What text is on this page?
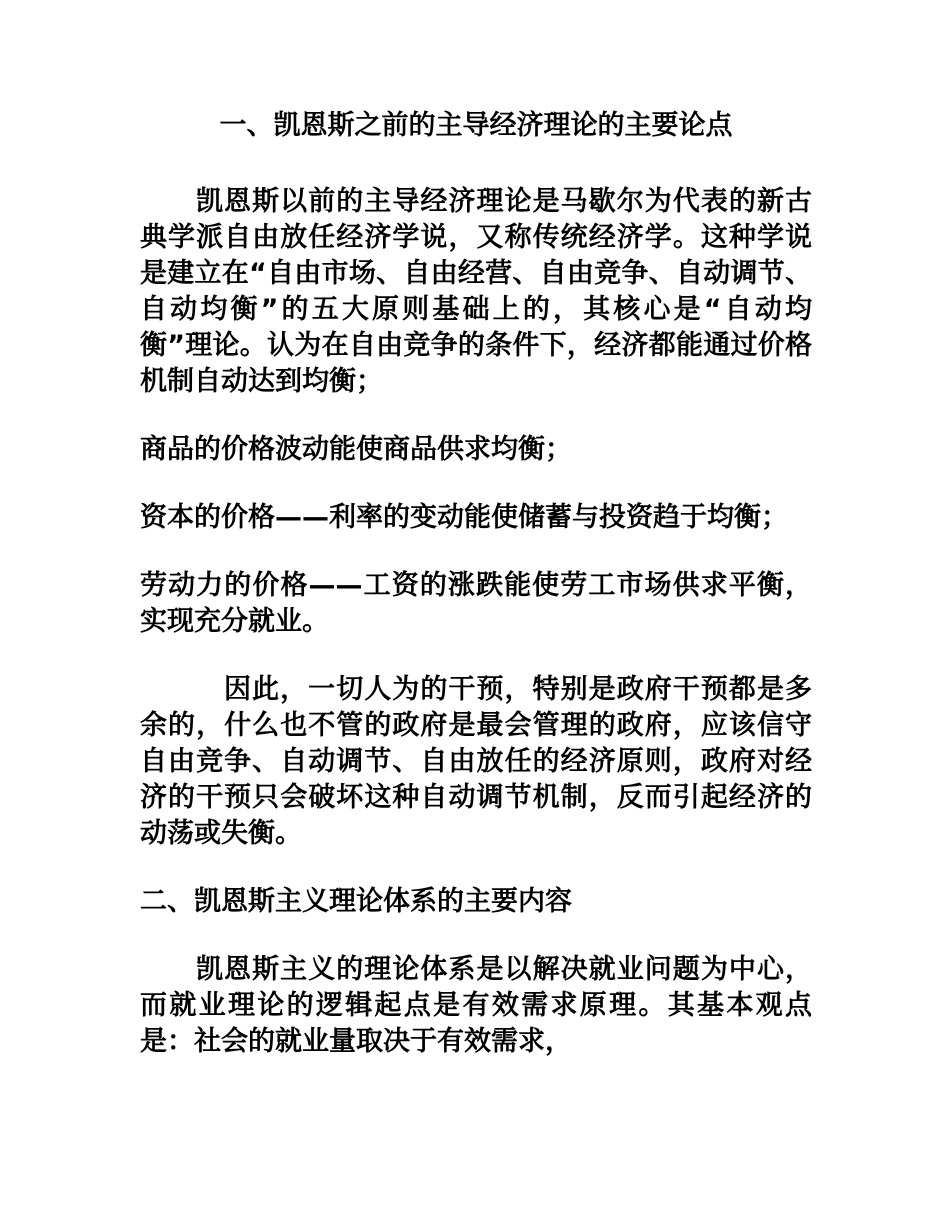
一、凯恩斯之前的主导经济理论的主要论点

凯恩斯以前的主导经济理论是马歇尔为代表的新古典学派自由放任经济学说，又称传统经济学。这种学说是建立在“自由市场、自由经营、自由竞争、自动调节、自动均衡”的五大原则基础上的，其核心是“自动均衡”理论。认为在自由竞争的条件下，经济都能通过价格机制自动达到均衡；

商品的价格波动能使商品供求均衡；

资本的价格——利率的变动能使储蓄与投资趋于均衡；

劳动力的价格——工资的涨跌能使劳工市场供求平衡，实现充分就业。

因此，一切人为的干预，特别是政府干预都是多余的，什么也不管的政府是最会管理的政府，应该信守自由竞争、自动调节、自由放任的经济原则，政府对经济的干预只会破坏这种自动调节机制，反而引起经济的动荡或失衡。

二、凯恩斯主义理论体系的主要内容

凯恩斯主义的理论体系是以解决就业问题为中心，而就业理论的逻辑起点是有效需求原理。其基本观点是：社会的就业量取决于有效需求，
